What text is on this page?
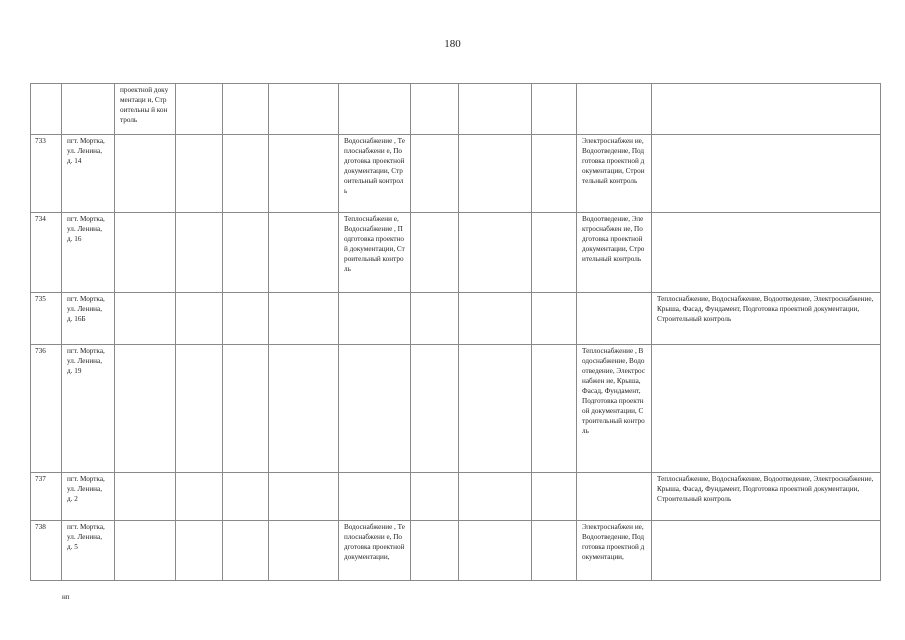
180
		проектной документаци и, Строительны й контроль									
733	пгт. Мортка, ул. Ленина, д. 14					Водоснабжение , Теплоснабжени е, Подготовка проектной документации, Строительный контроль				Электроснабжен ие, Водоотведение, Подготовка проектной документации, Строительный контроль	
734	пгт. Мортка, ул. Ленина, д. 16					Теплоснабжени е, Водоснабжение , Подготовка проектной документации, Строительный контроль				Водоотведение, Электроснабжен ие, Подготовка проектной документации, Строительный контроль	
735	пгт. Мортка, ул. Ленина, д. 16Б										Теплоснабжение, Водоснабжение, Водоотведение, Электроснабжение, Крыша, Фасад, Фундамент, Подготовка проектной документации, Строительный контроль
736	пгт. Мортка, ул. Ленина, д. 19									Теплоснабжение , Водоснабжение, Водоотведение, Электроснабжен ие, Крыша, Фасад, Фундамент, Подготовка проектной документации, Строительный контроль	
737	пгт. Мортка, ул. Ленина, д. 2										Теплоснабжение, Водоснабжение, Водоотведение, Электроснабжение, Крыша, Фасад, Фундамент, Подготовка проектной документации, Строительный контроль
738	пгт. Мортка, ул. Ленина, д. 5					Водоснабжение , Теплоснабжени е, Подготовка проектной документации,				Электроснабжен ие, Водоотведение, Подготовка проектной документации,	
нп
